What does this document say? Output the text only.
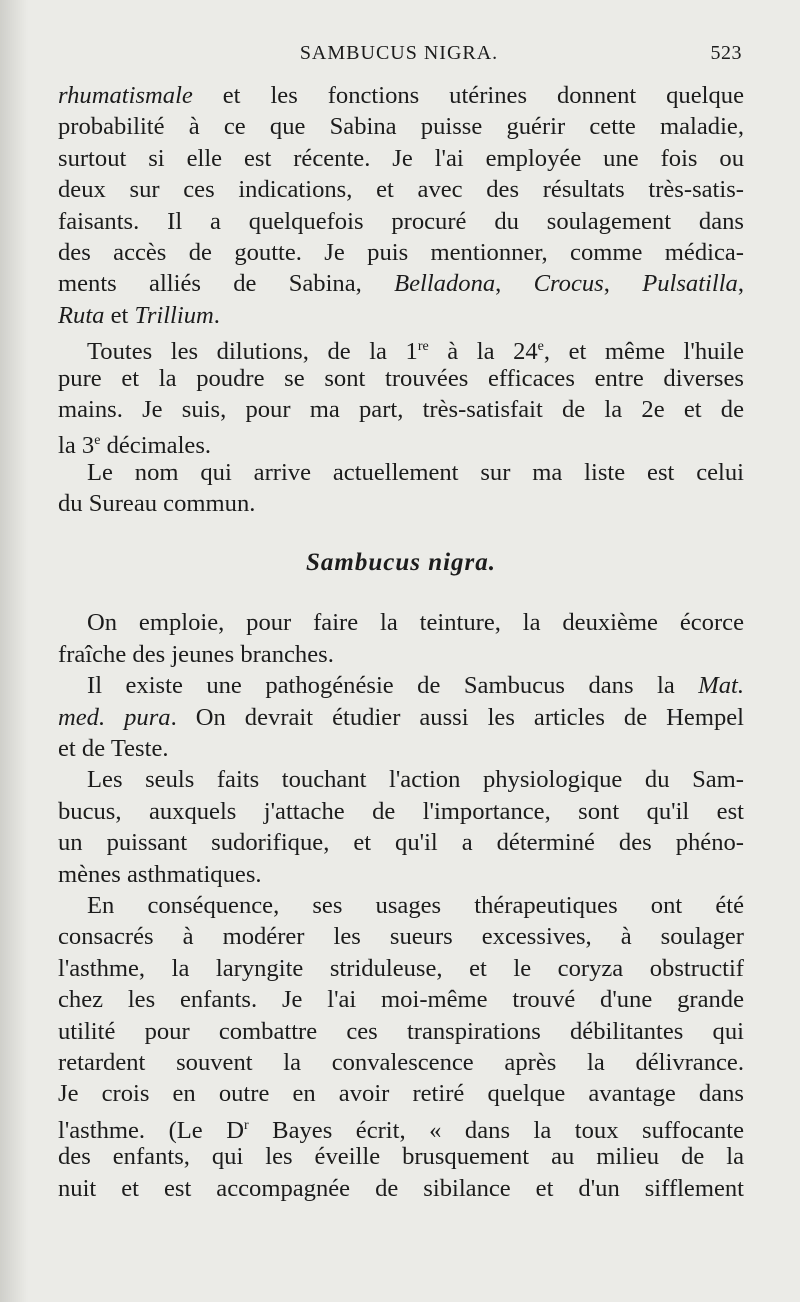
SAMBUCUS NIGRA.	523
rhumatismale et les fonctions utérines donnent quelque
probabilité à ce que Sabina puisse guérir cette maladie,
surtout si elle est récente. Je l'ai employée une fois ou
deux sur ces indications, et avec des résultats très-satis-
faisants. Il a quelquefois procuré du soulagement dans
des accès de goutte. Je puis mentionner, comme médica-
ments alliés de Sabina, Belladona, Crocus, Pulsatilla,
Ruta et Trillium.
Toutes les dilutions, de la 1re à la 24e, et même l'huile
pure et la poudre se sont trouvées efficaces entre diverses
mains. Je suis, pour ma part, très-satisfait de la 2e et de
la 3e décimales.
Le nom qui arrive actuellement sur ma liste est celui
du Sureau commun.
Sambucus nigra.
On emploie, pour faire la teinture, la deuxième écorce
fraîche des jeunes branches.
Il existe une pathogénésie de Sambucus dans la Mat.
med. pura. On devrait étudier aussi les articles de Hempel
et de Teste.
Les seuls faits touchant l'action physiologique du Sam-
bucus, auxquels j'attache de l'importance, sont qu'il est
un puissant sudorifique, et qu'il a déterminé des phéno-
mènes asthmatiques.
En conséquence, ses usages thérapeutiques ont été
consacrés à modérer les sueurs excessives, à soulager
l'asthme, la laryngite striduleuse, et le coryza obstructif
chez les enfants. Je l'ai moi-même trouvé d'une grande
utilité pour combattre ces transpirations débilitantes qui
retardent souvent la convalescence après la délivrance.
Je crois en outre en avoir retiré quelque avantage dans
l'asthme. (Le $D^r$ Bayes écrit, « dans la toux suffocante
des enfants, qui les éveille brusquement au milieu de la
nuit et est accompagnée de sibilance et d'un sifflement
